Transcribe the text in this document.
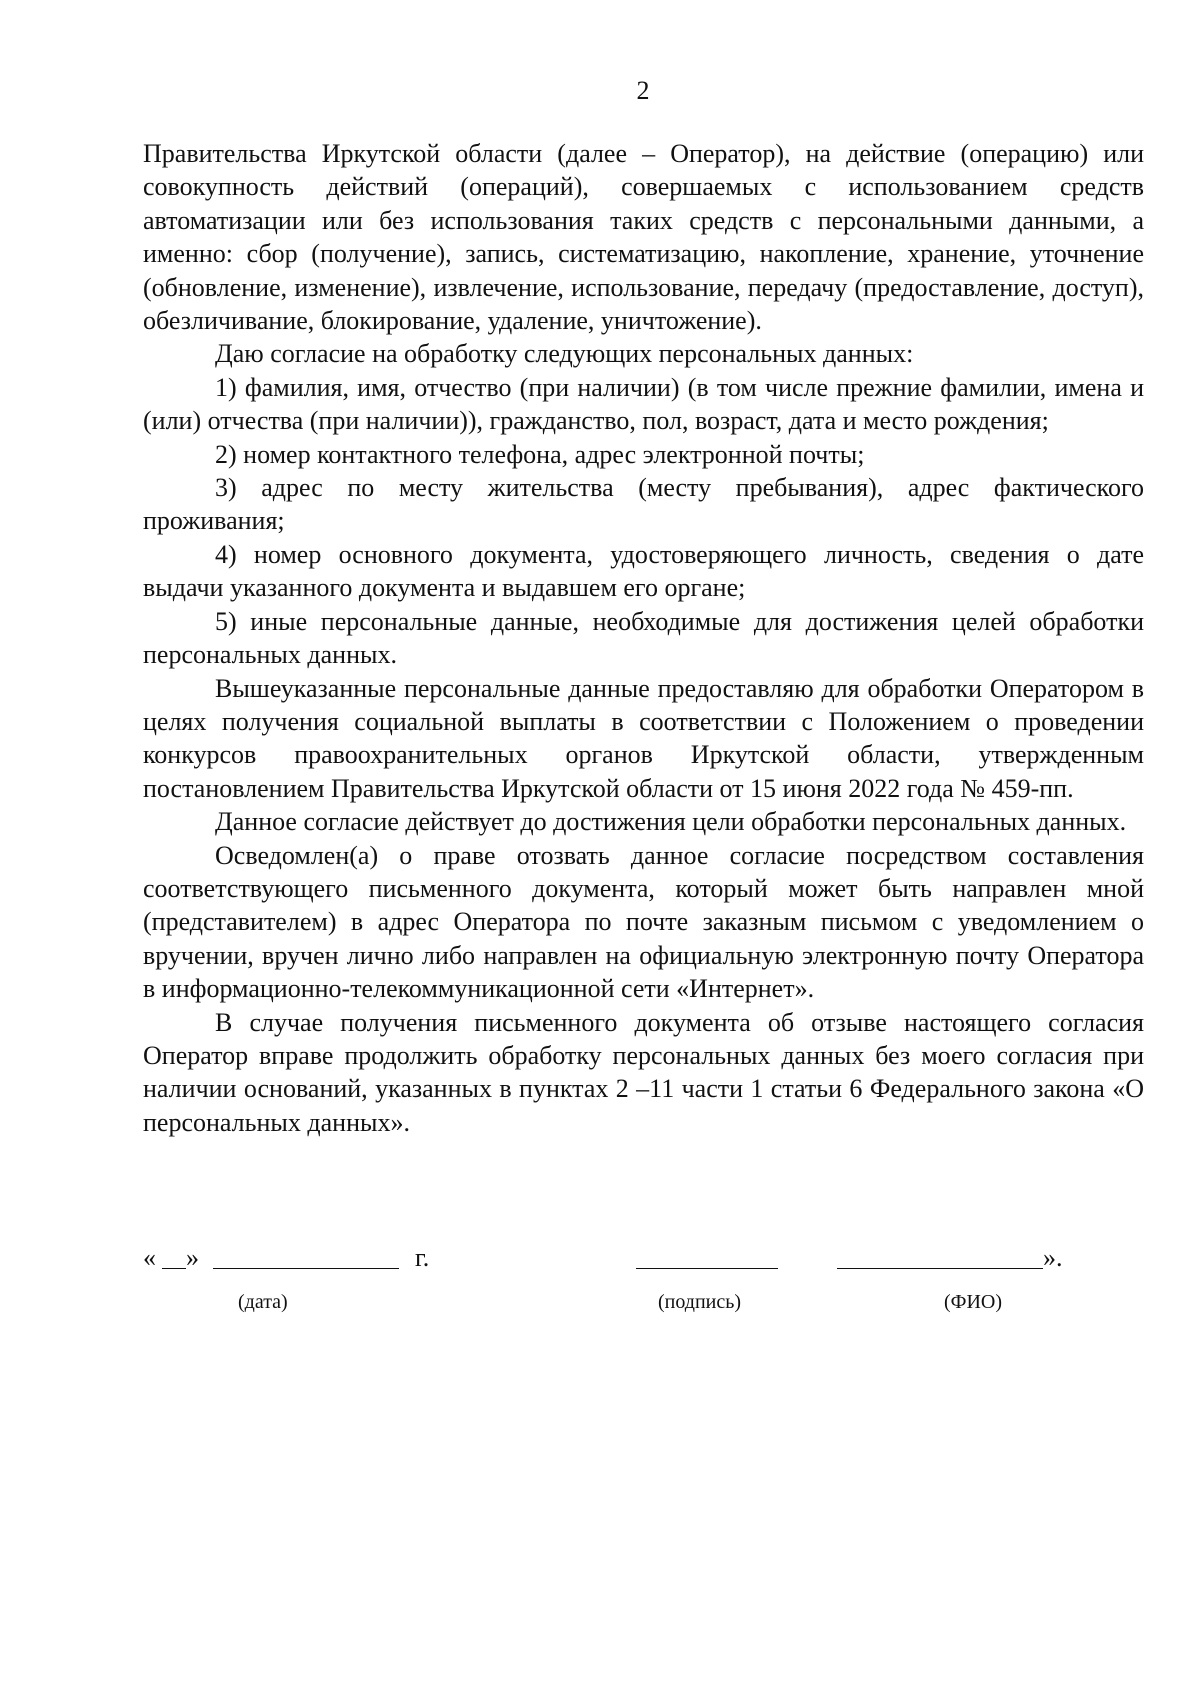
2

Правительства Иркутской области (далее – Оператор), на действие (операцию) или совокупность действий (операций), совершаемых с использованием средств автоматизации или без использования таких средств с персональными данными, а именно: сбор (получение), запись, систематизацию, накопление, хранение, уточнение (обновление, изменение), извлечение, использование, передачу (предоставление, доступ), обезличивание, блокирование, удаление, уничтожение).

Даю согласие на обработку следующих персональных данных:

1) фамилия, имя, отчество (при наличии) (в том числе прежние фамилии, имена и (или) отчества (при наличии)), гражданство, пол, возраст, дата и место рождения;

2) номер контактного телефона, адрес электронной почты;

3) адрес по месту жительства (месту пребывания), адрес фактического проживания;

4) номер основного документа, удостоверяющего личность, сведения о дате выдачи указанного документа и выдавшем его органе;

5) иные персональные данные, необходимые для достижения целей обработки персональных данных.

Вышеуказанные персональные данные предоставляю для обработки Оператором в целях получения социальной выплаты в соответствии с Положением о проведении конкурсов правоохранительных органов Иркутской области, утвержденным постановлением Правительства Иркутской области от 15 июня 2022 года № 459-пп.

Данное согласие действует до достижения цели обработки персональных данных.

Осведомлен(а) о праве отозвать данное согласие посредством составления соответствующего письменного документа, который может быть направлен мной (представителем) в адрес Оператора по почте заказным письмом с уведомлением о вручении, вручен лично либо направлен на официальную электронную почту Оператора в информационно-телекоммуникационной сети «Интернет».

В случае получения письменного документа об отзыве настоящего согласия Оператор вправе продолжить обработку персональных данных без моего согласия при наличии оснований, указанных в пунктах 2 –11 части 1 статьи 6 Федерального закона «О персональных данных».

« »	г.	».
(дата)	(подпись)	(ФИО)
